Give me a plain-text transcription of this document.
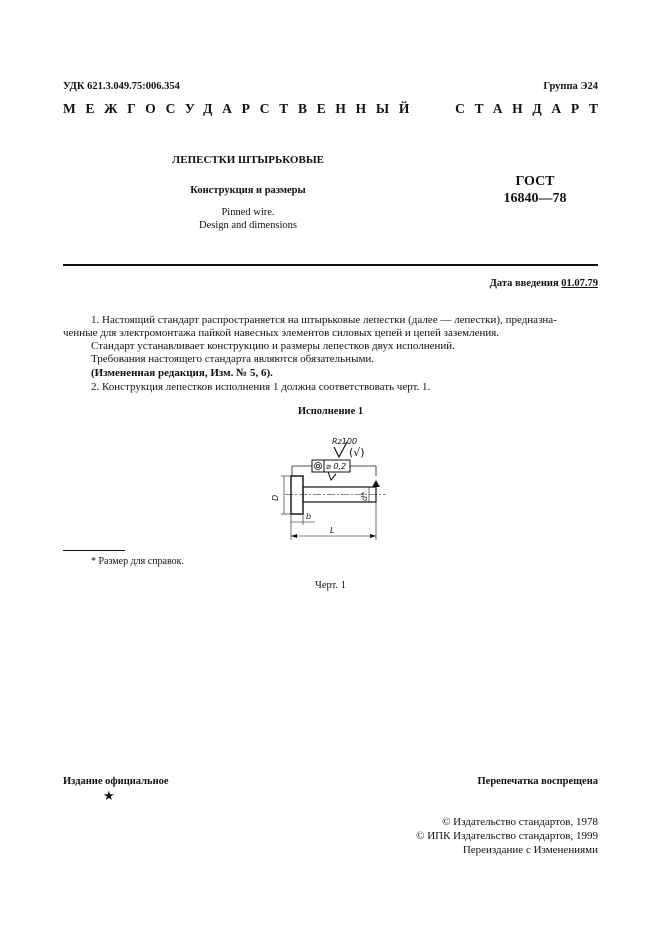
УДК 621.3.049.75:006.354	Группа Э24
МЕЖГОСУДАРСТВЕННЫЙ	СТАНДАРТ
ЛЕПЕСТКИ ШТЫРЬКОВЫЕ
Конструкция и размеры
Pinned wire.
Design and dimensions
ГОСТ
16840—78
Дата введения 01.07.79
1. Настоящий стандарт распространяется на штырьковые лепестки (далее — лепестки), предназна-
ченные для электромонтажа пайкой навесных элементов силовых цепей и цепей заземления.
Стандарт устанавливает конструкцию и размеры лепестков двух исполнений.
Требования настоящего стандарта являются обязательными.
(Измененная редакция, Изм. № 5, 6).
2. Конструкция лепестков исполнения 1 должна соответствовать черт. 1.
Исполнение 1
Rz100
(√)
⌀ 0,2
D	d*
b
L
* Размер для справок.
Черт. 1
Издание официальное
★
Перепечатка воспрещена
© Издательство стандартов, 1978
© ИПК Издательство стандартов, 1999
Переиздание с Изменениями
